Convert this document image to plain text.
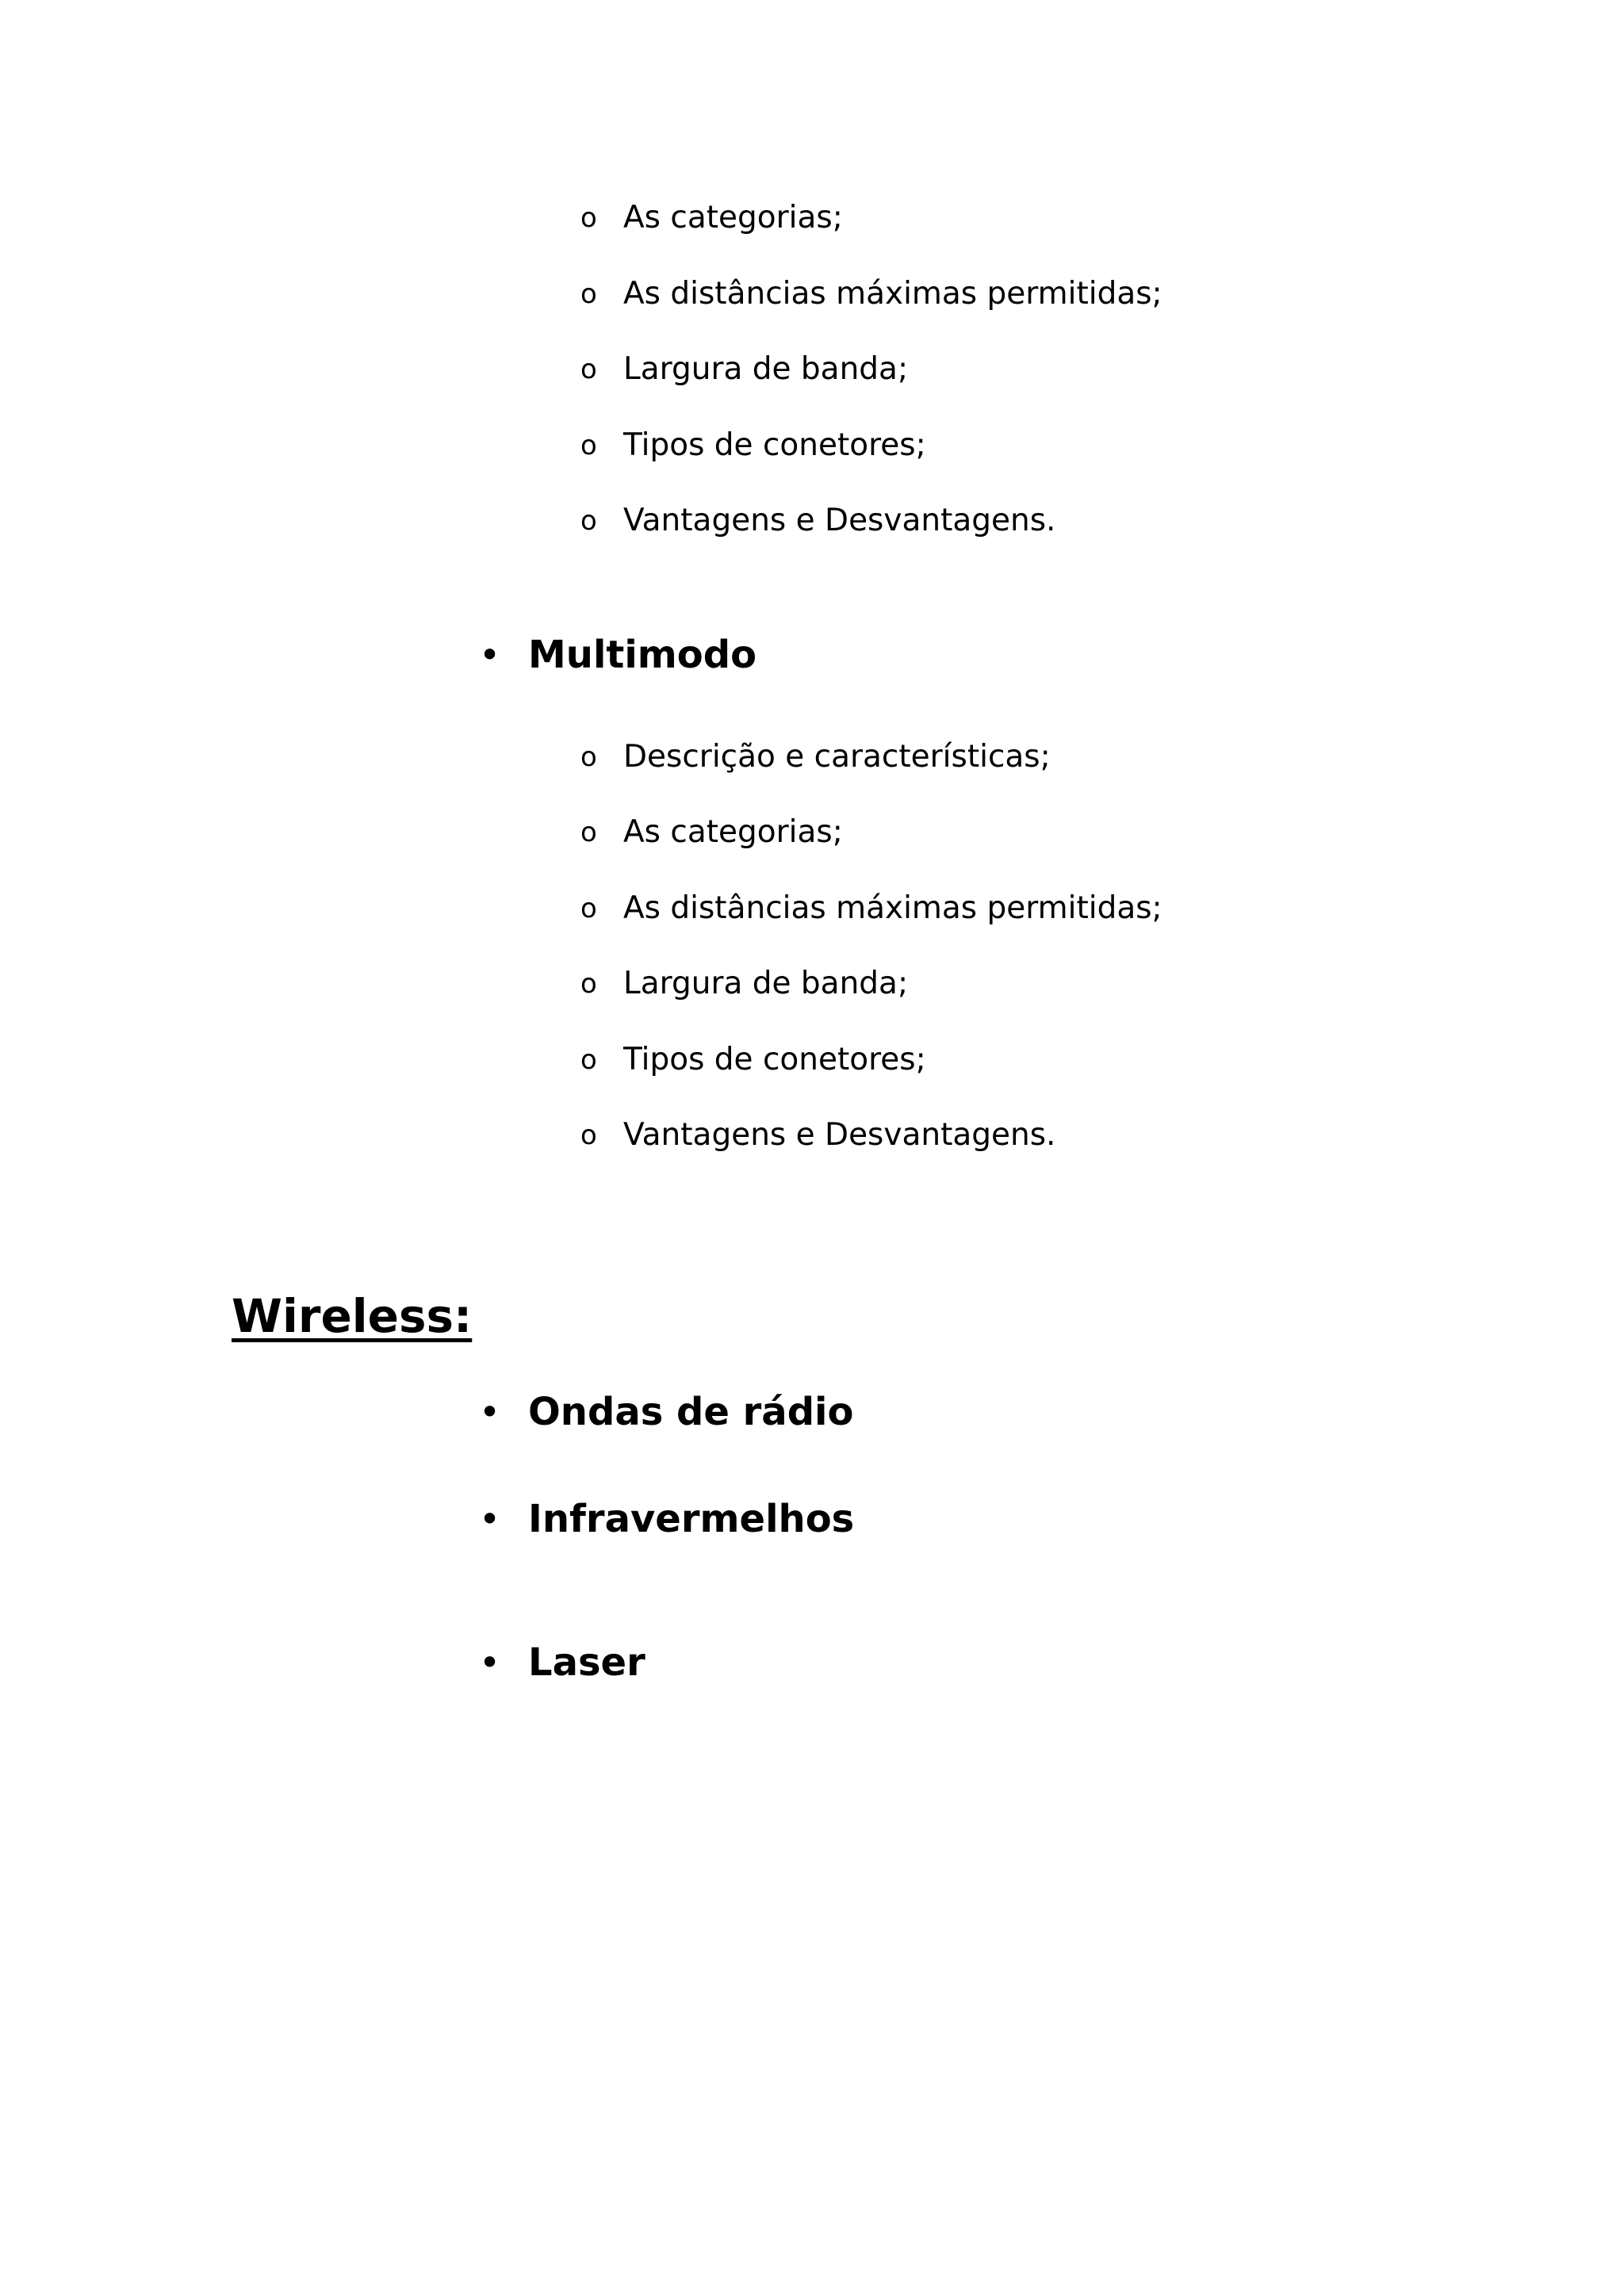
o As categorias;
o As distâncias máximas permitidas;
o Largura de banda;
o Tipos de conetores;
o Vantagens e Desvantagens.
• Multimodo
o Descrição e características;
o As categorias;
o As distâncias máximas permitidas;
o Largura de banda;
o Tipos de conetores;
o Vantagens e Desvantagens.
Wireless:
• Ondas de rádio
• Infravermelhos
• Laser
